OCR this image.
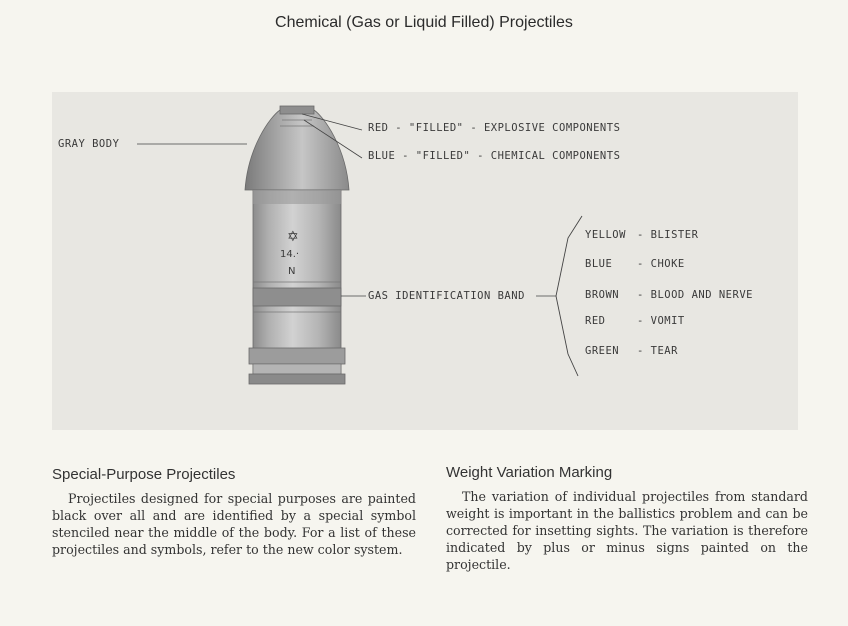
Chemical (Gas or Liquid Filled) Projectiles
✡
14.·
N
GRAY BODY
RED - "FILLED" - EXPLOSIVE COMPONENTS
BLUE - "FILLED" - CHEMICAL COMPONENTS
GAS IDENTIFICATION BAND
YELLOW - BLISTER
BLUE - CHOKE
BROWN - BLOOD AND NERVE
RED	- VOMIT
GREEN - TEAR
Special-Purpose Projectiles

Projectiles designed for special purposes are painted black over all and are identified by a special symbol stenciled near the middle of the body. For a list of these projectiles and symbols, refer to the new color system.

Weight Variation Marking

The variation of individual projectiles from standard weight is important in the ballistics problem and can be corrected for insetting sights. The variation is therefore indicated by plus or minus signs painted on the projectile.
